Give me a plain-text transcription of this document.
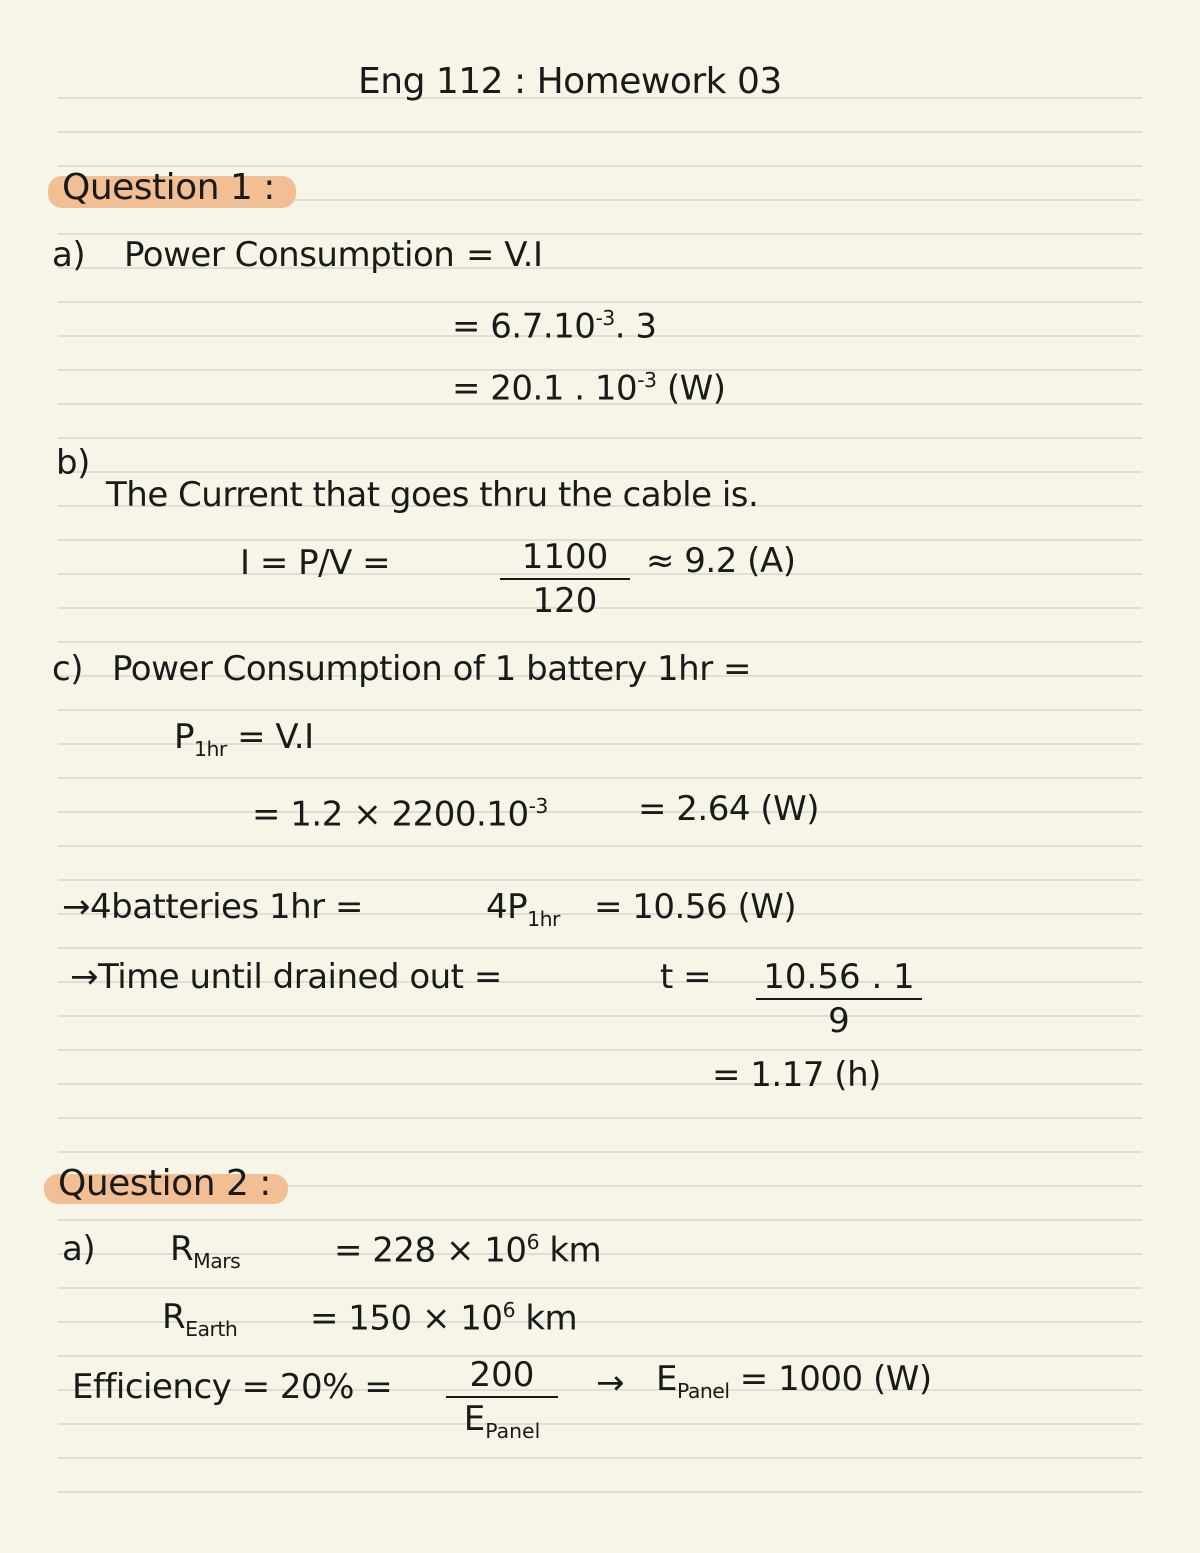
Eng 112 : Homework 03
Question 1 :
a) Power Consumption = V.I
= $6.7.10^{-3}$. 3
= 20.1 . $10^{-3}$ (W)
b)
The Current that goes thru the cable is.
I = P/V =	1100
120
≈ 9.2 (A)
c) Power Consumption of 1 battery 1hr =
$P_{1hr} = V.I$
= $1.2 \times 2200.10^{-3}$	= 2.64 (W)
→4batteries 1hr =	$4P_{1hr} = 10.56$ (W)
→Time until drained out =	t = 10.56 . 1
9
= 1.17 (h)
Question 2 :
a) $R_{Mars}$	= $228 \times 10^6$ km
$R_{Earth} = 150 \times 10^6$ km
Efficiency = 20% =	200
$E_{Panel}$
→ $E_{Panel} = 1000$ (W)
